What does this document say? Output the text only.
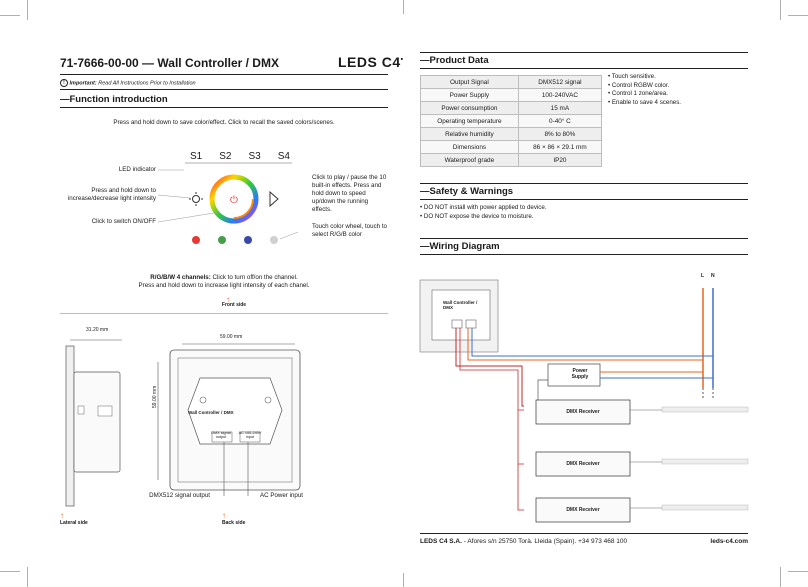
71-7666-00-00 — Wall Controller / DMX	LEDS C4•
! Important: Read All Instructions Prior to Installation
—Function introduction
Press and hold down to save color/effect. Click to recall the saved colors/scenes.
S1 S2 S3 S4
⏻
LED indicator
Press and hold down to increase/decrease light intensity
Click to switch ON/OFF
Click to play / pause the 10 built-in effects. Press and hold down to speed up/down the running effects.
Touch color wheel, touch to select R/G/B color
R/G/B/W 4 channels: Click to turn off/on the channel.
Press and hold down to increase light intensity of each chanel.
↑
Front side
31.20 mm
↑
Lateral side
59.00 mm
59.00 mm
Wall Controller / DMX
DMX signal output
AC 100-240V input
DMX512 signal output	AC Power input
↑
Back side
—Product Data
Output Signal	DMX512 signal
Power Supply	100-240VAC
Power consumption	15 mA
Operating temperature	0-40° C
Relative humidity	8% to 80%
Dimensions	86 × 86 × 29.1 mm
Waterproof grade	IP20
• Touch sensitive.
• Control RGBW color.
• Control 1 zone/area.
• Enable to save 4 scenes.
—Safety & Warnings
• DO NOT install with power applied to device.
• DO NOT expose the device to moisture.
—Wiring Diagram
L N
Wall Controller / DMX
Power Supply
DMX Receiver
DMX Receiver
DMX Receiver
LEDS C4 S.A. - Afores s/n 25750 Torà. Lleida (Spain). +34 973 468 100	leds-c4.com
